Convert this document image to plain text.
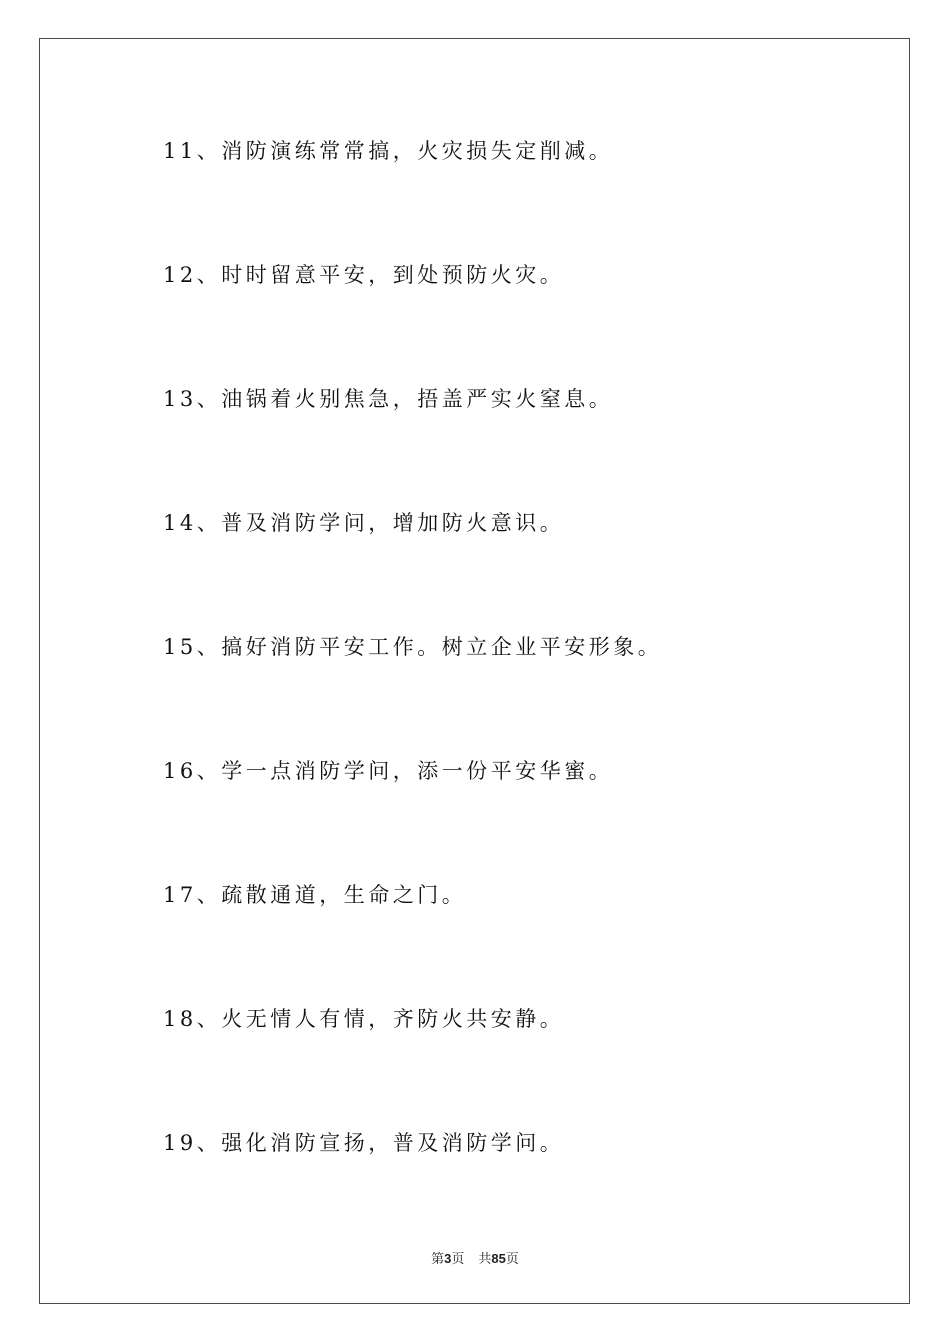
11、消防演练常常搞，火灾损失定削减。
12、时时留意平安，到处预防火灾。
13、油锅着火别焦急，捂盖严实火窒息。
14、普及消防学问，增加防火意识。
15、搞好消防平安工作。树立企业平安形象。
16、学一点消防学问，添一份平安华蜜。
17、疏散通道，生命之门。
18、火无情人有情，齐防火共安静。
19、强化消防宣扬，普及消防学问。
第3页 共85页
